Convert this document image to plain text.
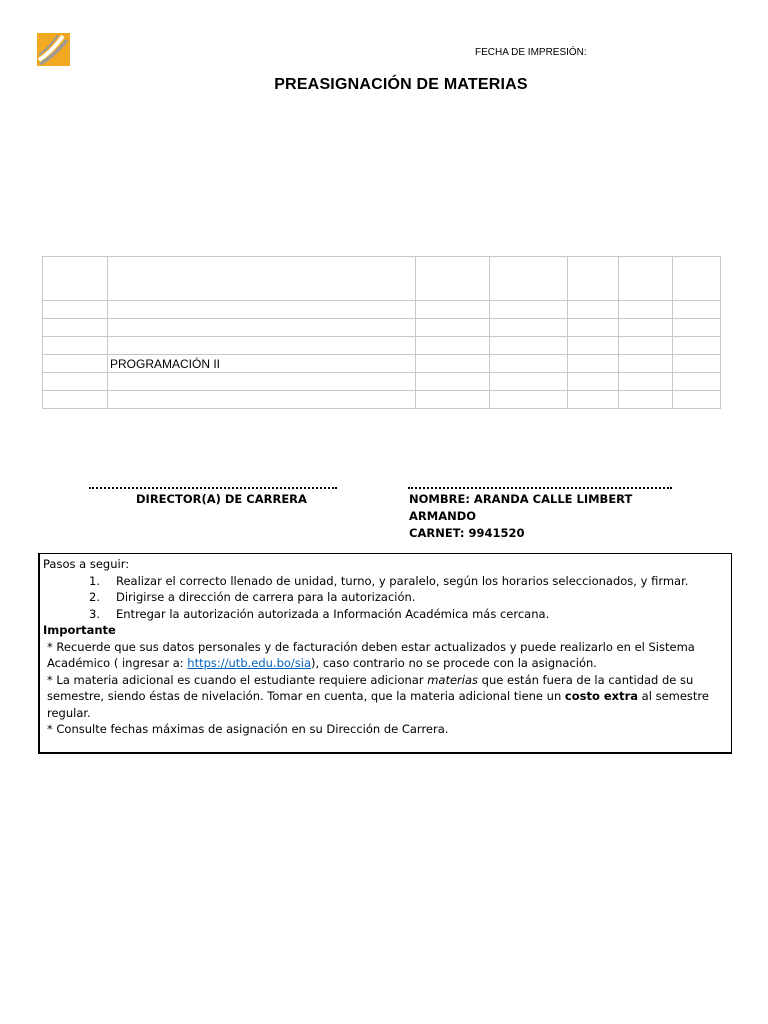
FECHA DE IMPRESIÓN:
PREASIGNACIÓN DE MATERIAS

	PROGRAMACIÓN II					

DIRECTOR(A) DE CARRERA	NOMBRE: ARANDA CALLE LIMBERT
ARMANDO
CARNET: 9941520

Pasos a seguir:

1. Realizar el correcto llenado de unidad, turno, y paralelo, según los horarios seleccionados, y firmar.
2. Dirigirse a dirección de carrera para la autorización.
3. Entregar la autorización autorizada a Información Académica más cercana.

Importante

* Recuerde que sus datos personales y de facturación deben estar actualizados y puede realizarlo en el Sistema Académico ( ingresar a: https://utb.edu.bo/sia), caso contrario no se procede con la asignación.

* La materia adicional es cuando el estudiante requiere adicionar materias que están fuera de la cantidad de su semestre, siendo éstas de nivelación. Tomar en cuenta, que la materia adicional tiene un costo extra al semestre regular.

* Consulte fechas máximas de asignación en su Dirección de Carrera.
